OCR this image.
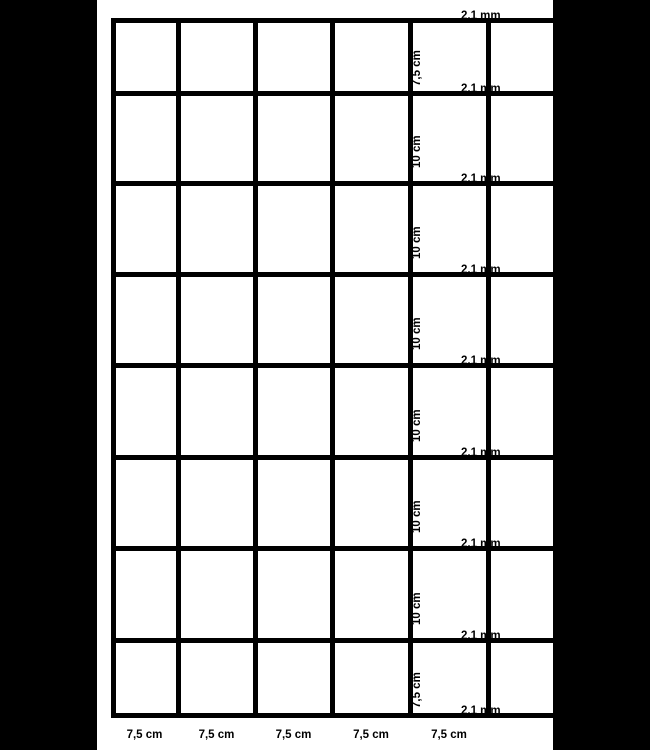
2,1 mm
2,1 mm
2,1 mm
2,1 mm
2,1 mm
2,1 mm
2,1 mm
2,1 mm
2,1 mm
7,5 cm
10 cm
10 cm
10 cm
10 cm
10 cm
10 cm
7,5 cm
7,5 cm	7,5 cm	7,5 cm	7,5 cm	7,5 cm
